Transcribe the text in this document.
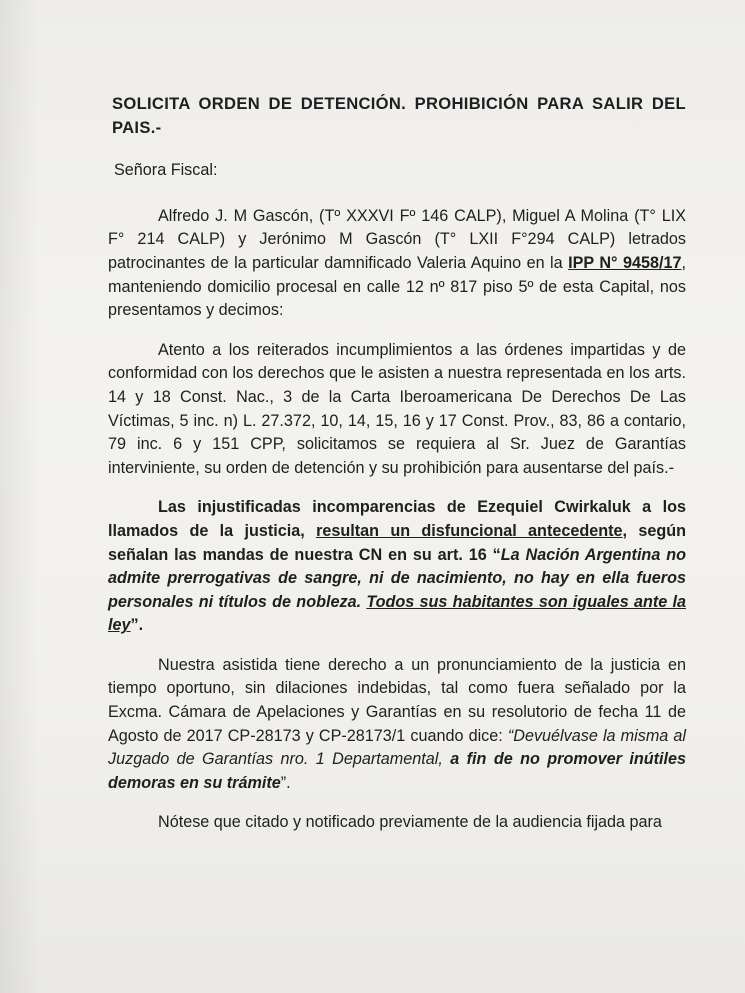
SOLICITA ORDEN DE DETENCIÓN. PROHIBICIÓN PARA SALIR DEL PAIS.-
Señora Fiscal:

Alfredo J. M Gascón, (Tº XXXVI Fº 146 CALP), Miguel A Molina (T° LIX F° 214 CALP) y Jerónimo M Gascón (T° LXII F°294 CALP) letrados patrocinantes de la particular damnificado Valeria Aquino en la IPP N° 9458/17, manteniendo domicilio procesal en calle 12 nº 817 piso 5º de esta Capital, nos presentamos y decimos:

Atento a los reiterados incumplimientos a las órdenes impartidas y de conformidad con los derechos que le asisten a nuestra representada en los arts. 14 y 18 Const. Nac., 3 de la Carta Iberoamericana De Derechos De Las Víctimas, 5 inc. n) L. 27.372, 10, 14, 15, 16 y 17 Const. Prov., 83, 86 a contario, 79 inc. 6 y 151 CPP, solicitamos se requiera al Sr. Juez de Garantías interviniente, su orden de detención y su prohibición para ausentarse del país.-

Las injustificadas incomparencias de Ezequiel Cwirkaluk a los llamados de la justicia, resultan un disfuncional antecedente, según señalan las mandas de nuestra CN en su art. 16 “La Nación Argentina no admite prerrogativas de sangre, ni de nacimiento, no hay en ella fueros personales ni títulos de nobleza. Todos sus habitantes son iguales ante la ley”.

Nuestra asistida tiene derecho a un pronunciamiento de la justicia en tiempo oportuno, sin dilaciones indebidas, tal como fuera señalado por la Excma. Cámara de Apelaciones y Garantías en su resolutorio de fecha 11 de Agosto de 2017 CP-28173 y CP-28173/1 cuando dice: “Devuélvase la misma al Juzgado de Garantías nro. 1 Departamental, a fin de no promover inútiles demoras en su trámite”.

Nótese que citado y notificado previamente de la audiencia fijada para
